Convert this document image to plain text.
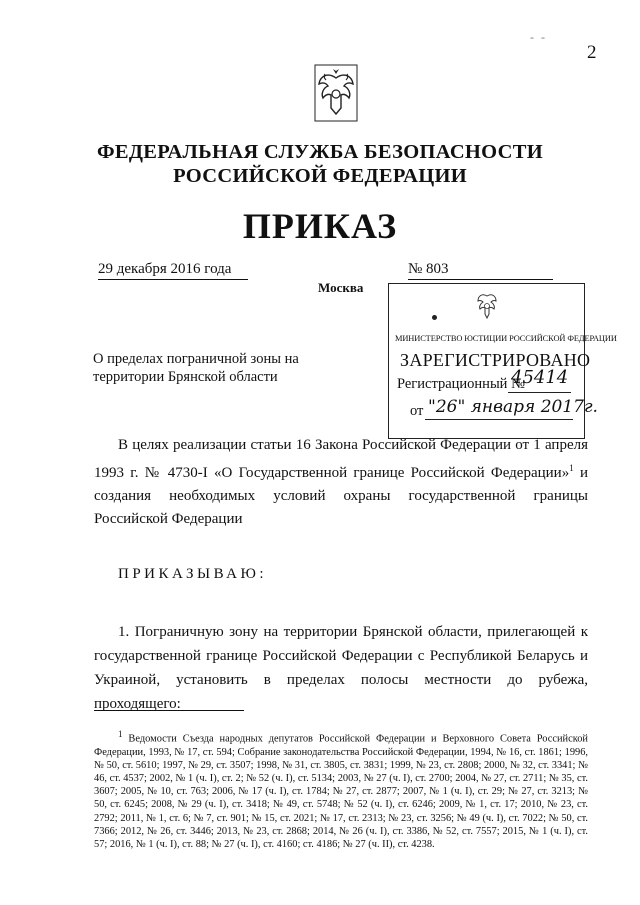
- -
2
ФЕДЕРАЛЬНАЯ СЛУЖБА БЕЗОПАСНОСТИ
РОССИЙСКОЙ ФЕДЕРАЦИИ
ПРИКАЗ
29 декабря 2016 года	№ 803
Москва
О пределах пограничной зоны на территории Брянской области
МИНИСТЕРСТВО ЮСТИЦИИ РОССИЙСКОЙ ФЕДЕРАЦИИ
ЗАРЕГИСТРИРОВАНО
Регистрационный №
45414
от "26" января 2017г.

В целях реализации статьи 16 Закона Российской Федерации от 1 апреля 1993 г. № 4730-I «О Государственной границе Российской Федерации»$^1$ и создания необходимых условий охраны государственной границы Российской Федерации

ПРИКАЗЫВАЮ:

1. Пограничную зону на территории Брянской области, прилегающей к государственной границе Российской Федерации с Республикой Беларусь и Украиной, установить в пределах полосы местности до рубежа, проходящего:

$^1$ Ведомости Съезда народных депутатов Российской Федерации и Верховного Совета Российской Федерации, 1993, № 17, ст. 594; Собрание законодательства Российской Федерации, 1994, № 16, ст. 1861; 1996, № 50, ст. 5610; 1997, № 29, ст. 3507; 1998, № 31, ст. 3805, ст. 3831; 1999, № 23, ст. 2808; 2000, № 32, ст. 3341; № 46, ст. 4537; 2002, № 1 (ч. I), ст. 2; № 52 (ч. I), ст. 5134; 2003, № 27 (ч. I), ст. 2700; 2004, № 27, ст. 2711; № 35, ст. 3607; 2005, № 10, ст. 763; 2006, № 17 (ч. I), ст. 1784; № 27, ст. 2877; 2007, № 1 (ч. I), ст. 29; № 27, ст. 3213; № 50, ст. 6245; 2008, № 29 (ч. I), ст. 3418; № 49, ст. 5748; № 52 (ч. I), ст. 6246; 2009, № 1, ст. 17; 2010, № 23, ст. 2792; 2011, № 1, ст. 6; № 7, ст. 901; № 15, ст. 2021; № 17, ст. 2313; № 23, ст. 3256; № 49 (ч. I), ст. 7022; № 50, ст. 7366; 2012, № 26, ст. 3446; 2013, № 23, ст. 2868; 2014, № 26 (ч. I), ст. 3386, № 52, ст. 7557; 2015, № 1 (ч. I), ст. 57; 2016, № 1 (ч. I), ст. 88; № 27 (ч. I), ст. 4160; ст. 4186; № 27 (ч. II), ст. 4238.
